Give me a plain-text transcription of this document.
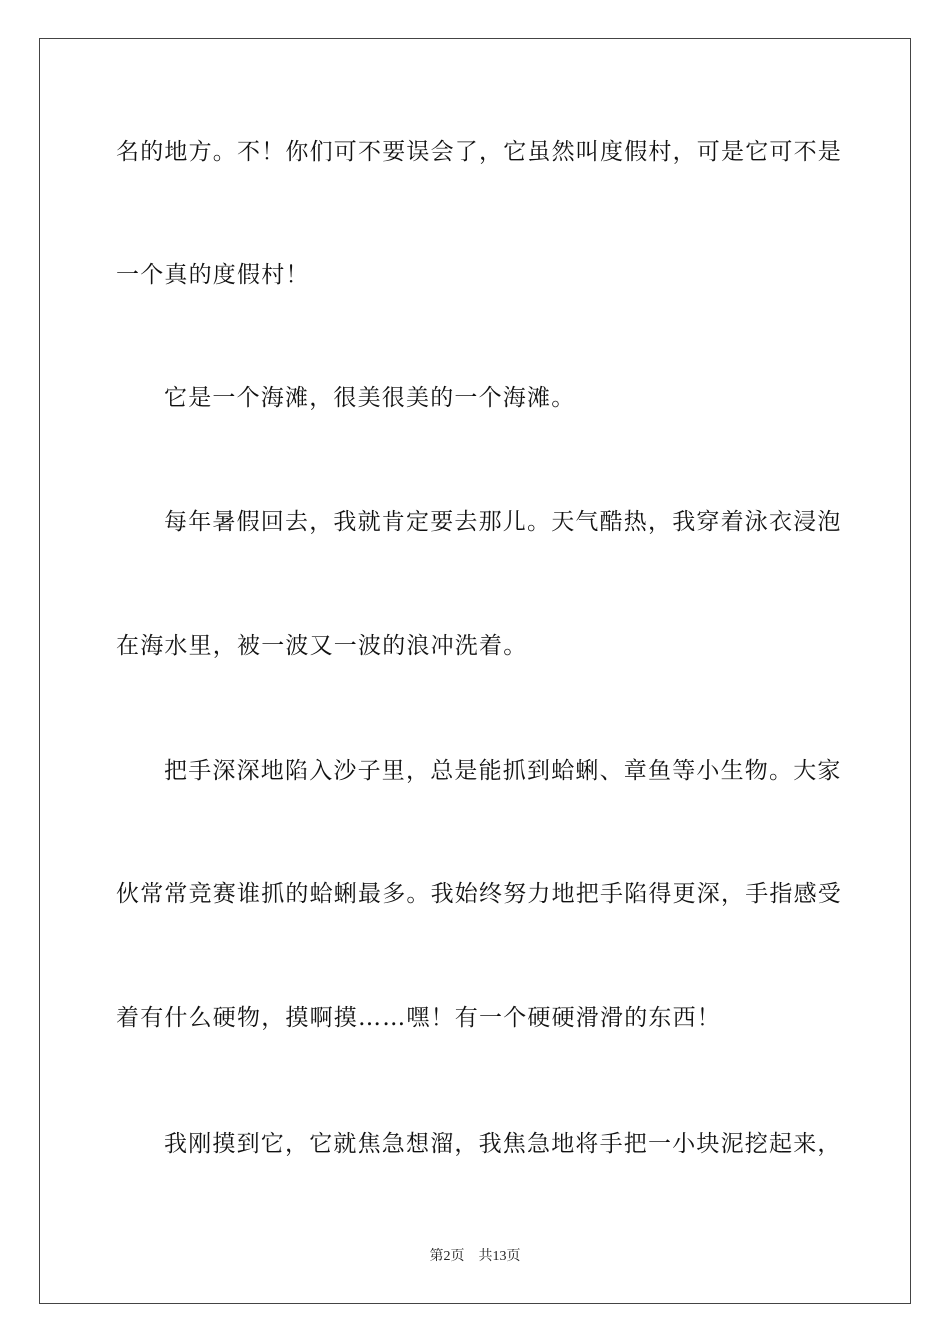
名的地方。不！你们可不要误会了，它虽然叫度假村，可是它可不是
一个真的度假村！
它是一个海滩，很美很美的一个海滩。
每年暑假回去，我就肯定要去那儿。天气酷热，我穿着泳衣浸泡
在海水里，被一波又一波的浪冲洗着。
把手深深地陷入沙子里，总是能抓到蛤蜊、章鱼等小生物。大家
伙常常竞赛谁抓的蛤蜊最多。我始终努力地把手陷得更深，手指感受
着有什么硬物，摸啊摸……嘿！有一个硬硬滑滑的东西！
我刚摸到它，它就焦急想溜，我焦急地将手把一小块泥挖起来，
第2页 共13页
